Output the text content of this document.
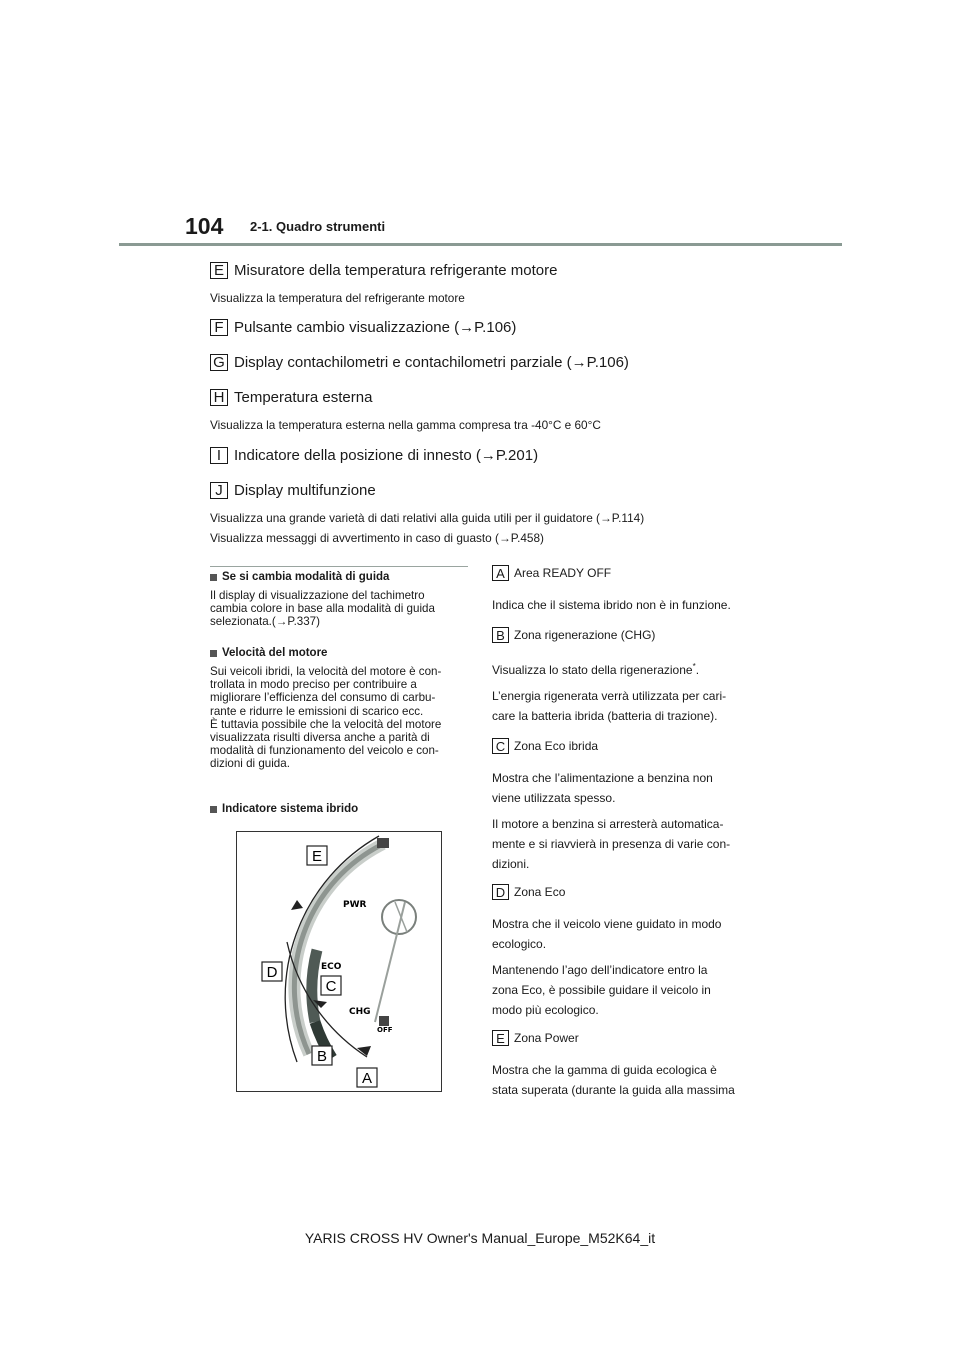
104 2-1. Quadro strumenti
E Misuratore della temperatura refrigerante motore
Visualizza la temperatura del refrigerante motore
F Pulsante cambio visualizzazione (→P.106)
G Display contachilometri e contachilometri parziale (→P.106)
H Temperatura esterna
Visualizza la temperatura esterna nella gamma compresa tra -40°C e 60°C
I Indicatore della posizione di innesto (→P.201)
J Display multifunzione
Visualizza una grande varietà di dati relativi alla guida utili per il guidatore (→P.114)
Visualizza messaggi di avvertimento in caso di guasto (→P.458)
Se si cambia modalità di guida
Il display di visualizzazione del tachimetro
cambia colore in base alla modalità di guida
selezionata.(→P.337)
Velocità del motore
Sui veicoli ibridi, la velocità del motore è con-
trollata in modo preciso per contribuire a
migliorare l’efficienza del consumo di carbu-
rante e ridurre le emissioni di scarico ecc.
È tuttavia possibile che la velocità del motore
visualizzata risulti diversa anche a parità di
modalità di funzionamento del veicolo e con-
dizioni di guida.
Indicatore sistema ibrido
E
D
C
B
A
PWR
ECO
CHG
OFF
A Area READY OFF
Indica che il sistema ibrido non è in funzione.
B Zona rigenerazione (CHG)
Visualizza lo stato della rigenerazione*.
L’energia rigenerata verrà utilizzata per cari-
care la batteria ibrida (batteria di trazione).
C Zona Eco ibrida
Mostra che l’alimentazione a benzina non
viene utilizzata spesso.
Il motore a benzina si arresterà automatica-
mente e si riavvierà in presenza di varie con-
dizioni.
D Zona Eco
Mostra che il veicolo viene guidato in modo
ecologico.
Mantenendo l’ago dell’indicatore entro la
zona Eco, è possibile guidare il veicolo in
modo più ecologico.
E Zona Power
Mostra che la gamma di guida ecologica è
stata superata (durante la guida alla massima
YARIS CROSS HV Owner's Manual_Europe_M52K64_it
